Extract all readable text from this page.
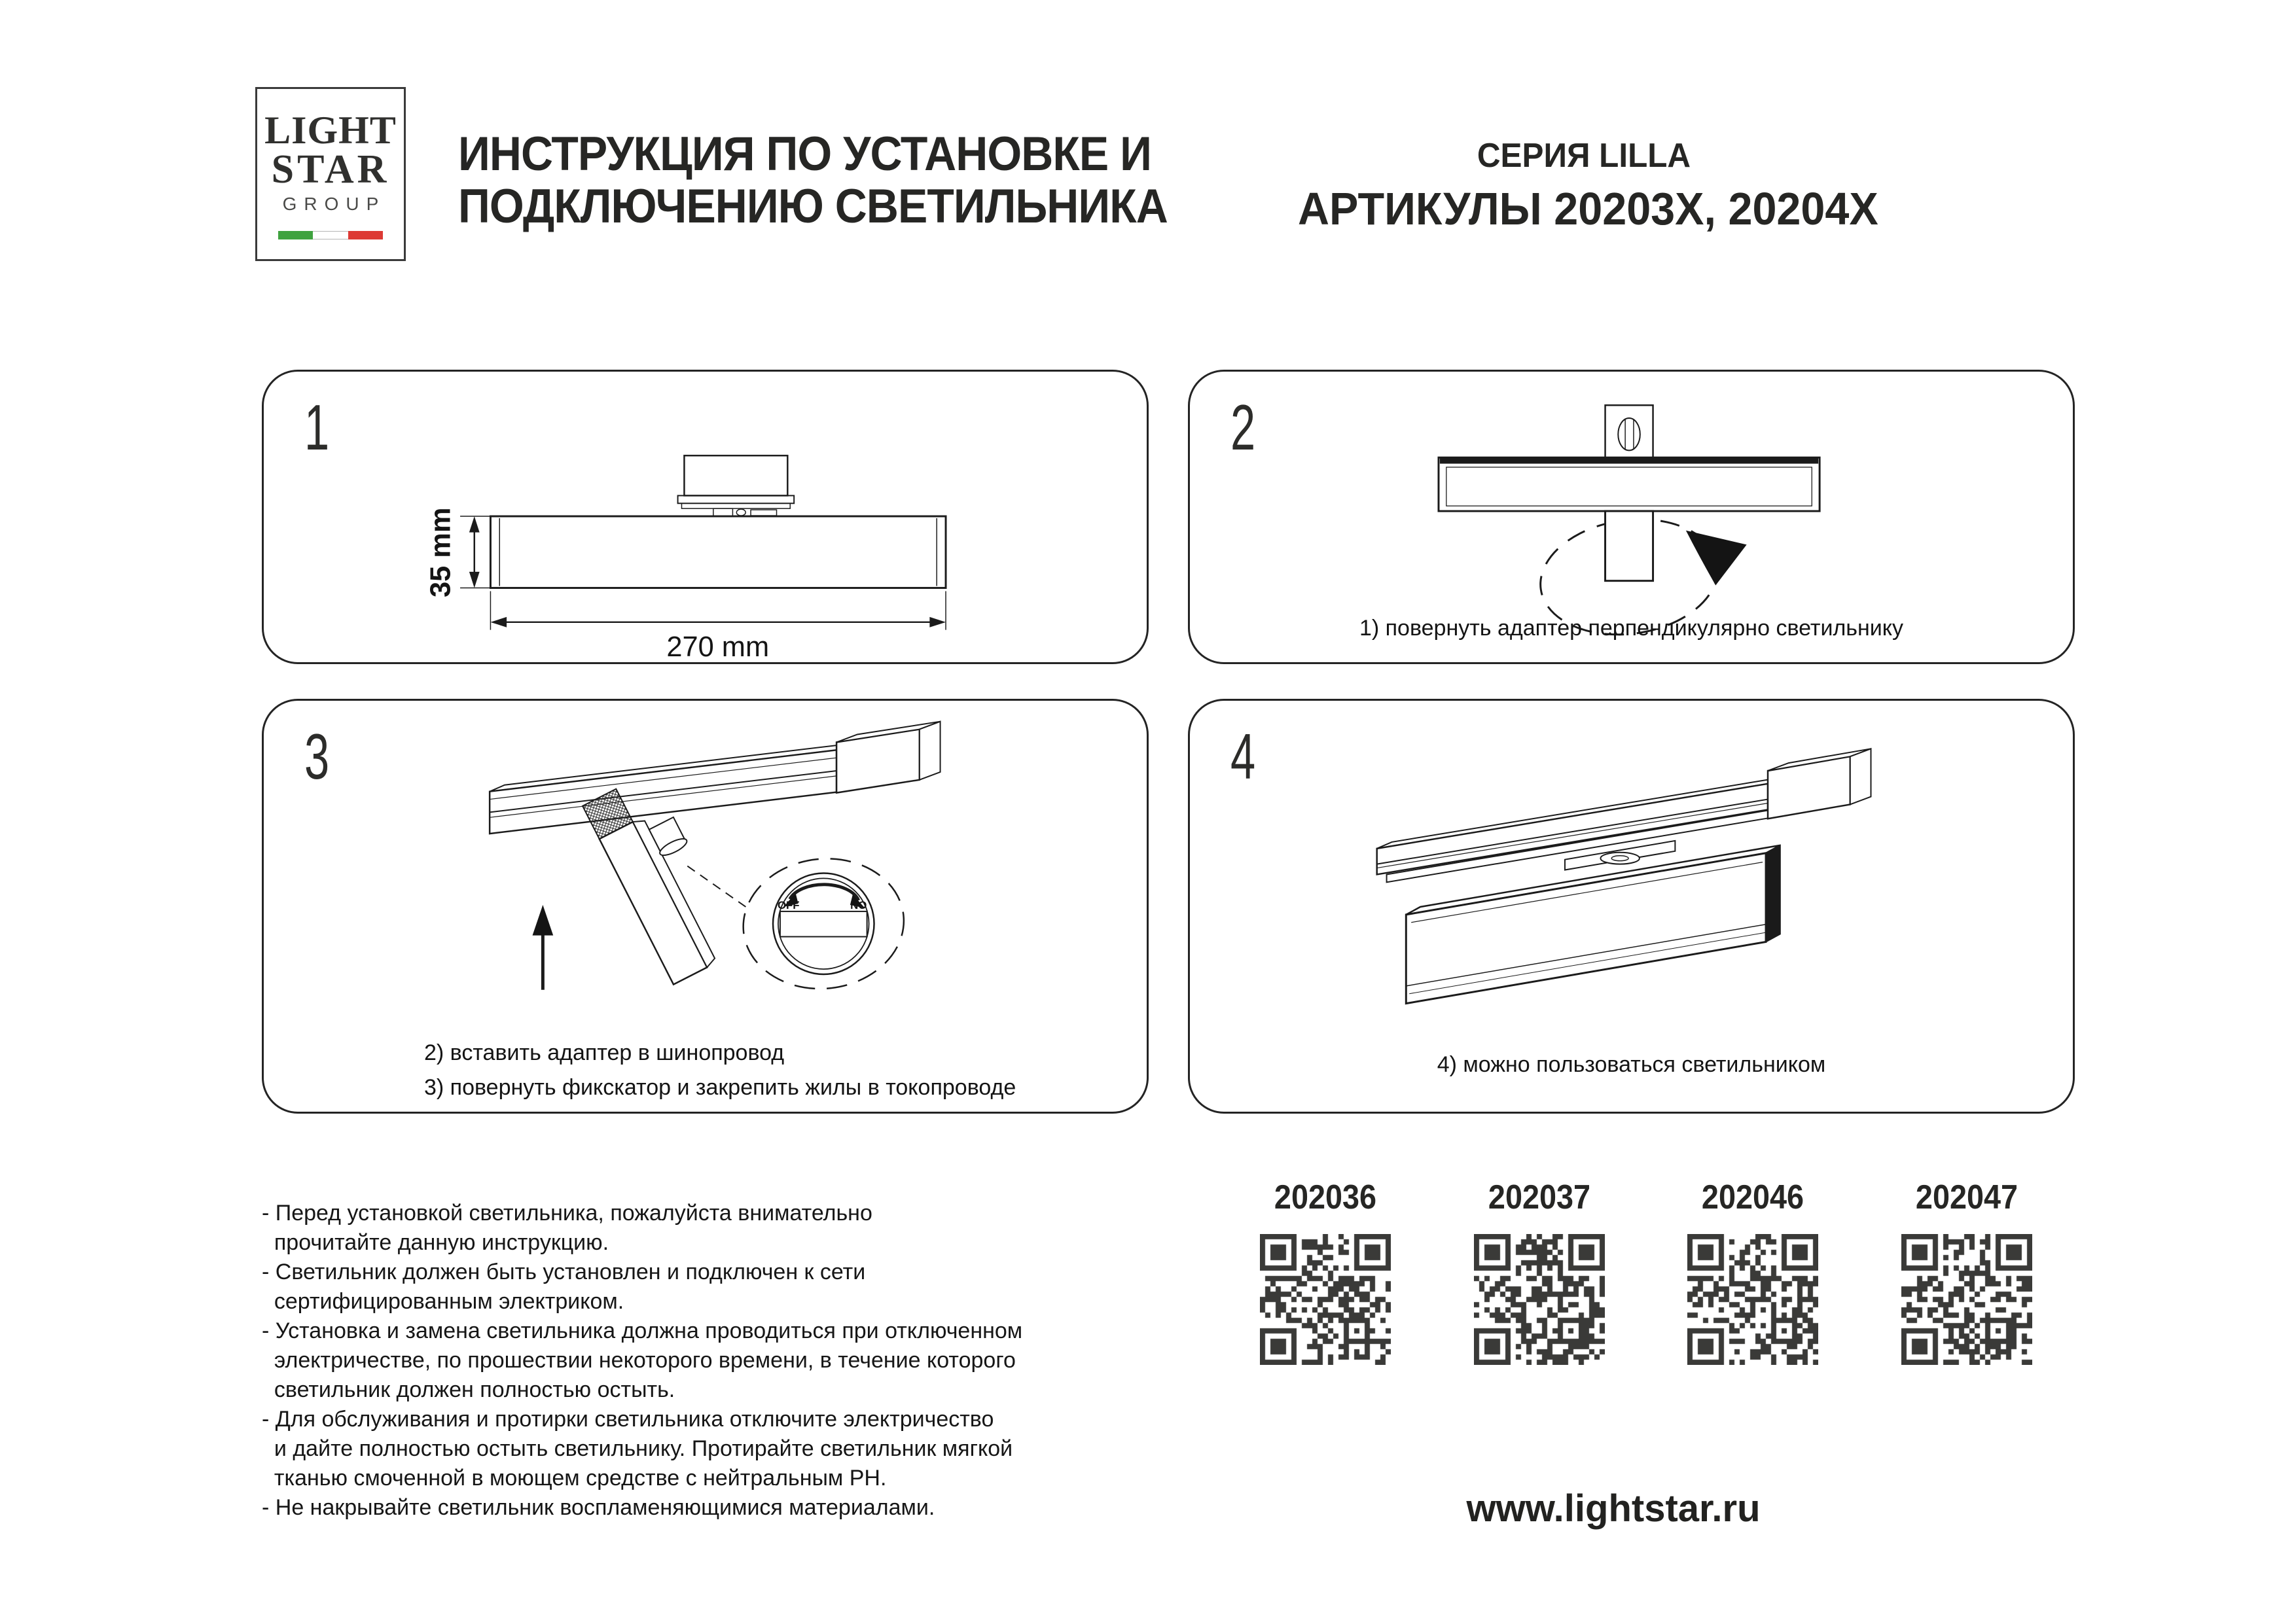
LIGHT
STAR
GROUP
ИНСТРУКЦИЯ ПО УСТАНОВКЕ И
ПОДКЛЮЧЕНИЮ СВЕТИЛЬНИКА
СЕРИЯ LILLA
АРТИКУЛЫ 20203X, 20204X
1
35 mm
270 mm
2
1) повернуть адаптер перпендикулярно светильнику
3
OFF	NO
2) вставить адаптер в шинопровод
3) повернуть фикскатор и закрепить жилы в токопроводе
4
4) можно пользоваться светильником
- Перед установкой светильника, пожалуйста внимательно
прочитайте данную инструкцию.
- Светильник должен быть установлен и подключен к сети
сертифицированным электриком.
- Установка и замена светильника должна проводиться при отключенном
электричестве, по прошествии некоторого времени, в течение которого
светильник должен полностью остыть.
- Для обслуживания и протирки светильника отключите электричество
и дайте полностью остыть светильнику. Протирайте светильник мягкой
тканью смоченной в моющем средстве с нейтральным PH.
- Не накрывайте светильник воспламеняющимися материалами.
202036	202037	202046	202047
www.lightstar.ru
